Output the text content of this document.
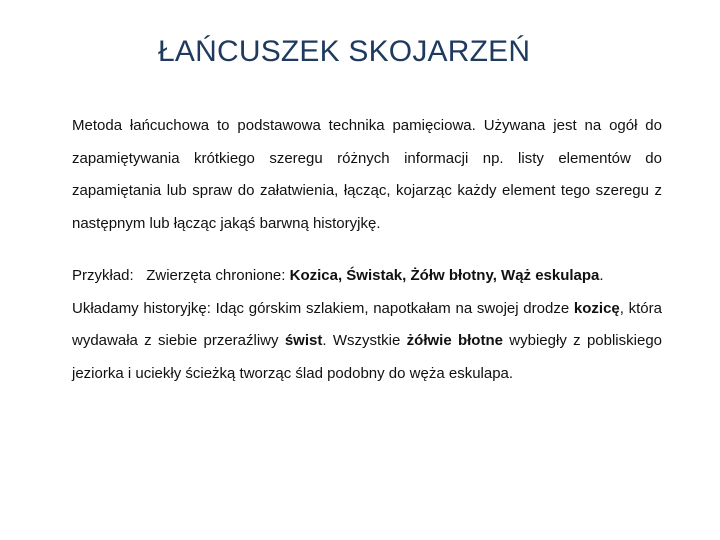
ŁAŃCUSZEK SKOJARZEŃ

Metoda łańcuchowa to podstawowa technika pamięciowa. Używana jest na ogół do zapamiętywania krótkiego szeregu różnych informacji np. listy elementów do zapamiętania lub spraw do załatwienia, łącząc, kojarząc każdy element tego szeregu z następnym lub łącząc jakąś barwną historyjkę.

Przykład: Zwierzęta chronione: Kozica, Świstak, Żółw błotny, Wąż eskulapa.

Układamy historyjkę: Idąc górskim szlakiem, napotkałam na swojej drodze kozicę, która wydawała z siebie przeraźliwy świst. Wszystkie żółwie błotne wybiegły z pobliskiego jeziorka i uciekły ścieżką tworząc ślad podobny do węża eskulapa.
